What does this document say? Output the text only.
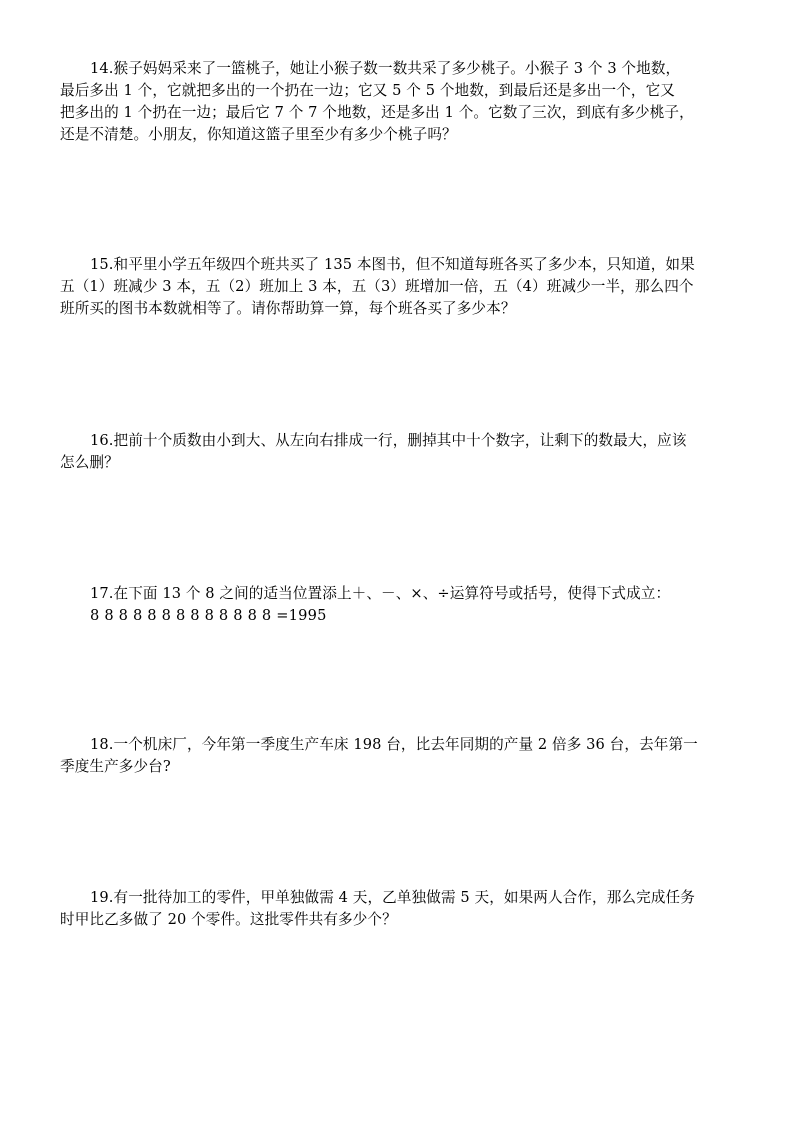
14.猴子妈妈采来了一篮桃子，她让小猴子数一数共采了多少桃子。小猴子 3 个 3 个地数，
最后多出 1 个，它就把多出的一个扔在一边；它又 5 个 5 个地数，到最后还是多出一个，它又
把多出的 1 个扔在一边；最后它 7 个 7 个地数，还是多出 1 个。它数了三次，到底有多少桃子，
还是不清楚。小朋友，你知道这篮子里至少有多少个桃子吗？
15.和平里小学五年级四个班共买了 135 本图书，但不知道每班各买了多少本，只知道，如果
五（1）班减少 3 本，五（2）班加上 3 本，五（3）班增加一倍，五（4）班减少一半，那么四个
班所买的图书本数就相等了。请你帮助算一算，每个班各买了多少本？
16.把前十个质数由小到大、从左向右排成一行，删掉其中十个数字，让剩下的数最大，应该
怎么删？
17.在下面 13 个 8 之间的适当位置添上＋、－、×、÷运算符号或括号，使得下式成立：
8 8 8 8 8 8 8 8 8 8 8 8 8 =1995
18.一个机床厂，今年第一季度生产车床 198 台，比去年同期的产量 2 倍多 36 台，去年第一
季度生产多少台?
19.有一批待加工的零件，甲单独做需 4 天，乙单独做需 5 天，如果两人合作，那么完成任务
时甲比乙多做了 20 个零件。这批零件共有多少个？
